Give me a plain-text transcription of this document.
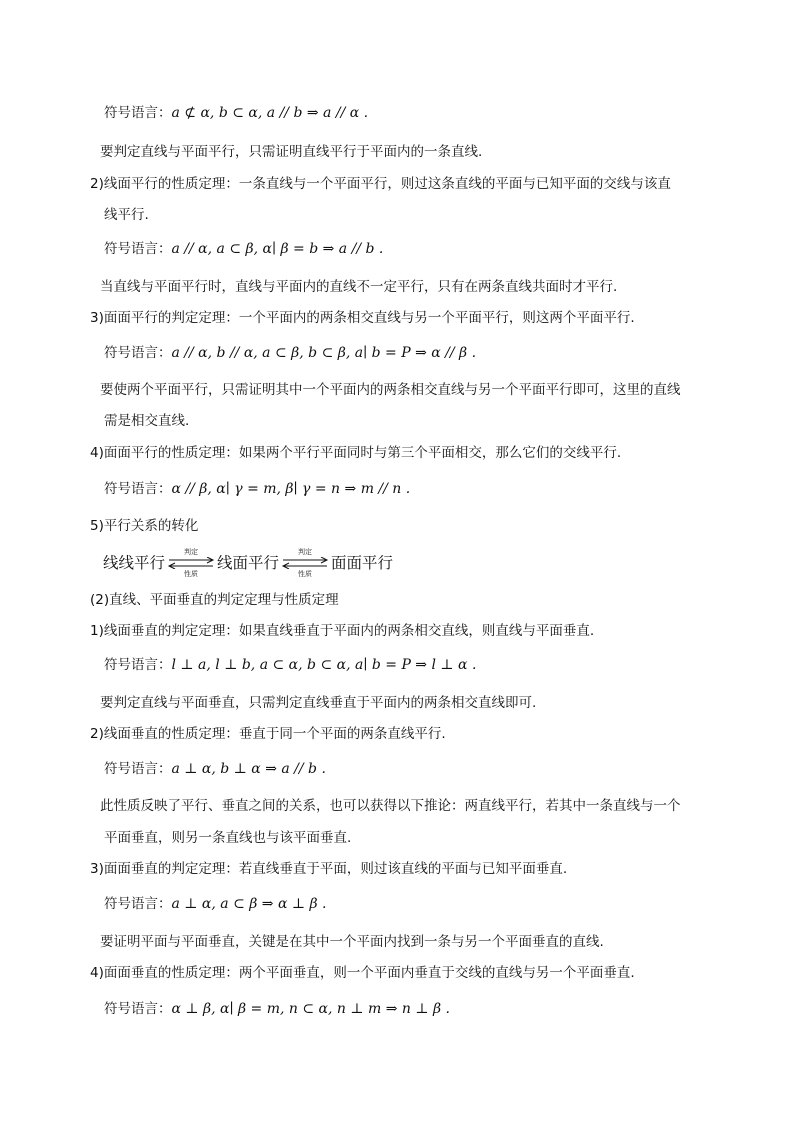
符号语言：a ⊄ α, b ⊂ α, a // b ⇒ a // α .
要判定直线与平面平行，只需证明直线平行于平面内的一条直线.
2)线面平行的性质定理：一条直线与一个平面平行，则过这条直线的平面与已知平面的交线与该直
线平行.
符号语言：a // α, a ⊂ β, α∣ β = b ⇒ a // b .
当直线与平面平行时，直线与平面内的直线不一定平行，只有在两条直线共面时才平行.
3)面面平行的判定定理：一个平面内的两条相交直线与另一个平面平行，则这两个平面平行.
符号语言：a // α, b // α, a ⊂ β, b ⊂ β, a∣ b = P ⇒ α // β .
要使两个平面平行，只需证明其中一个平面内的两条相交直线与另一个平面平行即可，这里的直线
需是相交直线.
4)面面平行的性质定理：如果两个平行平面同时与第三个平面相交，那么它们的交线平行.
符号语言：α // β, α∣ γ = m, β∣ γ = n ⇒ m // n .
5)平行关系的转化
线线平行
判定
性质
线面平行
判定
性质
面面平行
(2)直线、平面垂直的判定定理与性质定理
1)线面垂直的判定定理：如果直线垂直于平面内的两条相交直线，则直线与平面垂直.
符号语言：l ⊥ a, l ⊥ b, a ⊂ α, b ⊂ α, a∣ b = P ⇒ l ⊥ α .
要判定直线与平面垂直，只需判定直线垂直于平面内的两条相交直线即可.
2)线面垂直的性质定理：垂直于同一个平面的两条直线平行.
符号语言：a ⊥ α, b ⊥ α ⇒ a // b .
此性质反映了平行、垂直之间的关系，也可以获得以下推论：两直线平行，若其中一条直线与一个
平面垂直，则另一条直线也与该平面垂直.
3)面面垂直的判定定理：若直线垂直于平面，则过该直线的平面与已知平面垂直.
符号语言：a ⊥ α, a ⊂ β ⇒ α ⊥ β .
要证明平面与平面垂直，关键是在其中一个平面内找到一条与另一个平面垂直的直线.
4)面面垂直的性质定理：两个平面垂直，则一个平面内垂直于交线的直线与另一个平面垂直.
符号语言：α ⊥ β, α∣ β = m, n ⊂ α, n ⊥ m ⇒ n ⊥ β .
